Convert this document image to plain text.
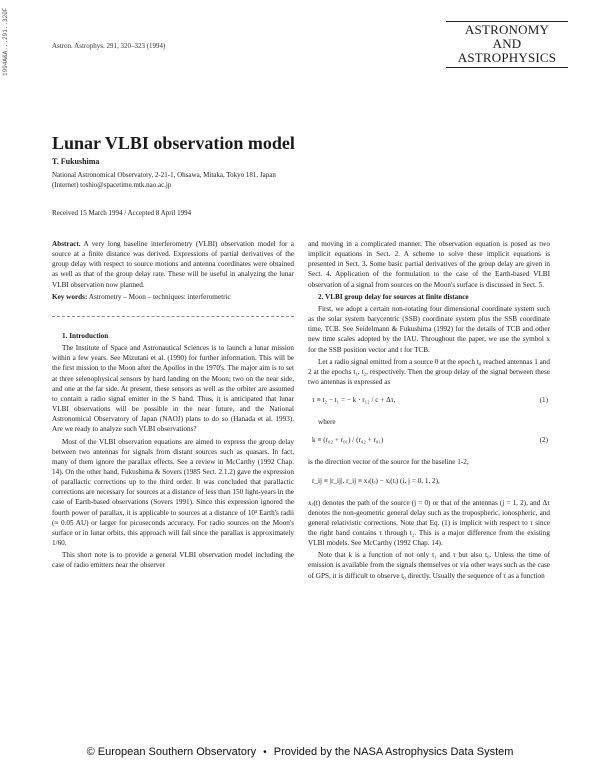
1994A&A...291..320F	Astron. Astrophys. 291, 320–323 (1994)
ASTRONOMY
AND
ASTROPHYSICS
Lunar VLBI observation model
T. Fukushima
National Astronomical Observatory, 2-21-1, Ohsawa, Mitaka, Tokyo 181, Japan
(Internet) toshio@spacetime.mtk.nao.ac.jp
Received 15 March 1994 / Accepted 8 April 1994

Abstract. A very long baseline interferometry (VLBI) observation model for a source at a finite distance was derived. Expressions of partial derivatives of the group delay with respect to source motions and antenna coordinates were obtained as well as that of the group delay rate. These will be useful in analyzing the lunar VLBI observation now planned.

Key words: Astrometry – Moon – techniques: interferometric

1. Introduction

The Institute of Space and Astronautical Sciences is to launch a lunar mission within a few years. See Mizutani et al. (1990) for further information. This will be the first mission to the Moon after the Apollos in the 1970's. The major aim is to set at three selenophysical sensors by hard landing on the Moon; two on the near side, and one at the far side. At present, these sensors as well as the orbiter are assumed to contain a radio signal emitter in the S band. Thus, it is anticipated that lunar VLBI observations will be possible in the near future, and the National Astronomical Observatory of Japan (NAOJ) plans to do so (Hanada et al. 1993). Are we ready to analyze such VLBI observations?

Most of the VLBI observation equations are aimed to express the group delay between two antennas for signals from distant sources such as quasars. In fact, many of them ignore the parallax effects. See a review in McCarthy (1992 Chap. 14). On the other hand, Fukushima & Sovers (1985 Sect. 2.1.2) gave the expression of parallactic corrections up to the third order. It was concluded that parallactic corrections are necessary for sources at a distance of less than 150 light-years in the case of Earth-based observations (Sovers 1991). Since this expression ignored the fourth power of parallax, it is applicable to sources at a distance of 10³ Earth's radii (≈ 0.05 AU) or larger for picoseconds accuracy. For radio sources on the Moon's surface or in lunar orbits, this approach will fail since the parallax is approximately 1/60.

This short note is to provide a general VLBI observation model including the case of radio emitters near the observer

and moving in a complicated manner. The observation equation is posed as two implicit equations in Sect. 2. A scheme to solve these implicit equations is presented in Sect. 3. Some basic partial derivatives of the group delay are given in Sect. 4. Application of the formulation to the case of the Earth-based VLBI observation of a signal from sources on the Moon's surface is discussed in Sect. 5.

2. VLBI group delay for sources at finite distance

First, we adopt a certain non-rotating four dimensional coordinate system such as the solar system barycentric (SSB) coordinate system plus the SSB coordinate time, TCB. See Seidelmann & Fukushima (1992) for the details of TCB and other new time scales adopted by the IAU. Throughout the paper, we use the symbol x for the SSB position vector and t for TCB.

Let a radio signal emitted from a source 0 at the epoch t₀ reached antennas 1 and 2 at the epochs t₁, t₂, respectively. Then the group delay of the signal between these two antennas is expressed as

τ ≡ t₂ − t₁ = − k · r₁₂ / c + Δτ,	(1)

where

k ≡ (r₀₂ + r₀₁) / (r₀₂ + r₀₁)	(2)

is the direction vector of the source for the baseline 1-2,

r_ij ≡ |r_ij|, r_ij ≡ xⱼ(tⱼ) − xᵢ(tᵢ) (i, j = 0, 1, 2),

xⱼ(t) denotes the path of the source (j = 0) or that of the antennas (j = 1, 2), and Δτ denotes the non-geometric general delay such as the tropospheric, ionospheric, and general relativistic corrections. Note that Eq. (1) is implicit with respect to τ since the right hand contains τ through t₂. This is a major difference from the existing VLBI models. See McCarthy (1992 Chap. 14).

Note that k is a function of not only t₁ and τ but also t₀. Unless the time of emission is available from the signals themselves or via other ways such as the case of GPS, it is difficult to observe t₀ directly. Usually the sequence of τ as a function

© European Southern Observatory • Provided by the NASA Astrophysics Data System
